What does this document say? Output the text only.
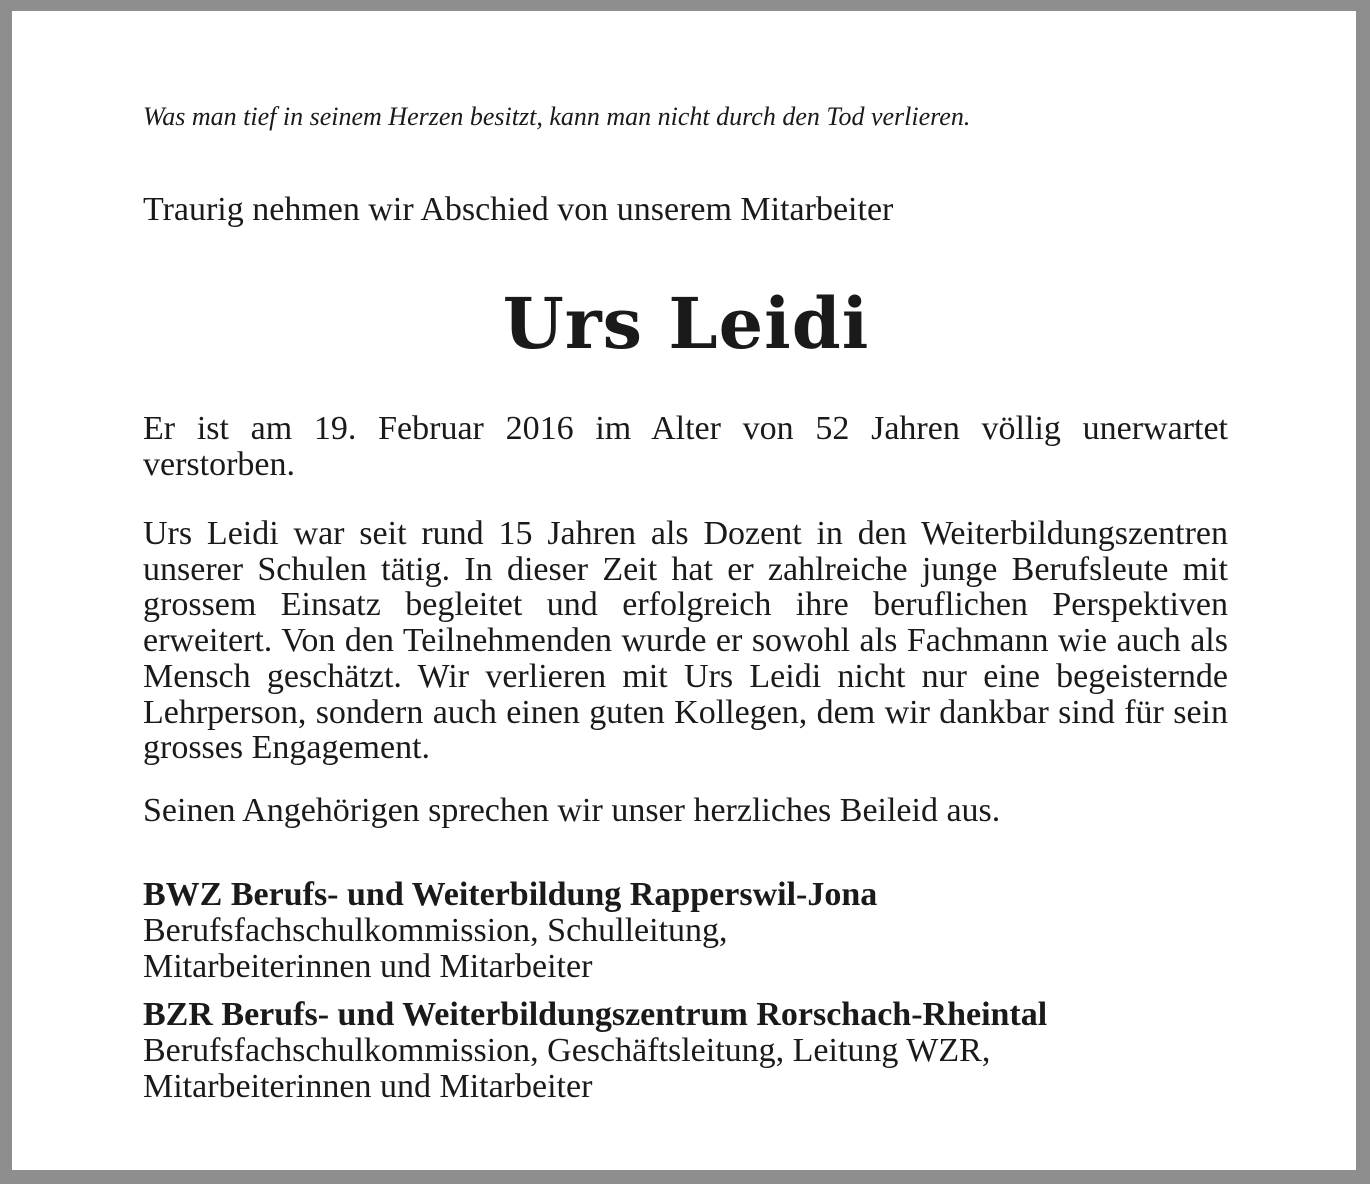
Was man tief in seinem Herzen besitzt, kann man nicht durch den Tod verlieren.
Traurig nehmen wir Abschied von unserem Mitarbeiter
Urs Leidi
Er ist am 19. Februar 2016 im Alter von 52 Jahren völlig unerwartet verstorben.
Urs Leidi war seit rund 15 Jahren als Dozent in den Weiterbildungszentren unserer Schulen tätig. In dieser Zeit hat er zahlreiche junge Berufsleute mit grossem Einsatz begleitet und erfolgreich ihre beruflichen Perspektiven erweitert. Von den Teilnehmenden wurde er sowohl als Fachmann wie auch als Mensch geschätzt. Wir verlieren mit Urs Leidi nicht nur eine begeisternde Lehrperson, sondern auch einen guten Kollegen, dem wir dankbar sind für sein grosses Engagement.
Seinen Angehörigen sprechen wir unser herzliches Beileid aus.
BWZ Berufs- und Weiterbildung Rapperswil-Jona
Berufsfachschulkommission, Schulleitung,
Mitarbeiterinnen und Mitarbeiter
BZR Berufs- und Weiterbildungszentrum Rorschach-Rheintal
Berufsfachschulkommission, Geschäftsleitung, Leitung WZR,
Mitarbeiterinnen und Mitarbeiter
